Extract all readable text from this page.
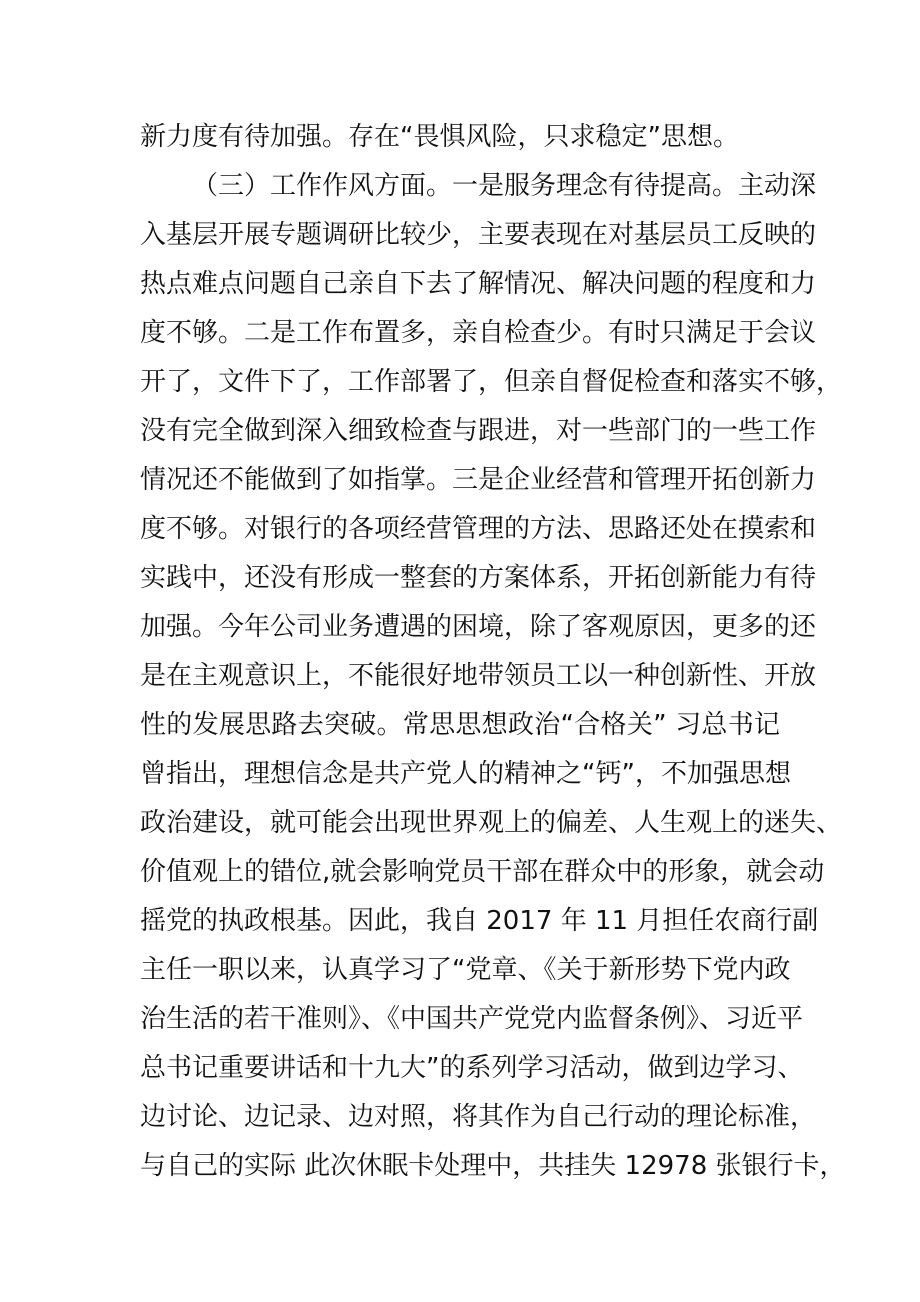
新力度有待加强。存在“畏惧风险，只求稳定”思想。
（三）工作作风方面。一是服务理念有待提高。主动深
入基层开展专题调研比较少，主要表现在对基层员工反映的
热点难点问题自己亲自下去了解情况、解决问题的程度和力
度不够。二是工作布置多，亲自检查少。有时只满足于会议
开了，文件下了，工作部署了，但亲自督促检查和落实不够，
没有完全做到深入细致检查与跟进，对一些部门的一些工作
情况还不能做到了如指掌。三是企业经营和管理开拓创新力
度不够。对银行的各项经营管理的方法、思路还处在摸索和
实践中，还没有形成一整套的方案体系，开拓创新能力有待
加强。今年公司业务遭遇的困境，除了客观原因，更多的还
是在主观意识上，不能很好地带领员工以一种创新性、开放
性的发展思路去突破。常思思想政治“合格关” 习总书记
曾指出，理想信念是共产党人的精神之“钙”，不加强思想
政治建设，就可能会出现世界观上的偏差、人生观上的迷失、
价值观上的错位,就会影响党员干部在群众中的形象，就会动
摇党的执政根基。因此，我自 2017 年 11 月担任农商行副
主任一职以来，认真学习了“党章、《关于新形势下党内政
治生活的若干准则》、《中国共产党党内监督条例》、习近平
总书记重要讲话和十九大”的系列学习活动，做到边学习、
边讨论、边记录、边对照，将其作为自己行动的理论标准，
与自己的实际 此次休眠卡处理中，共挂失 12978 张银行卡，
